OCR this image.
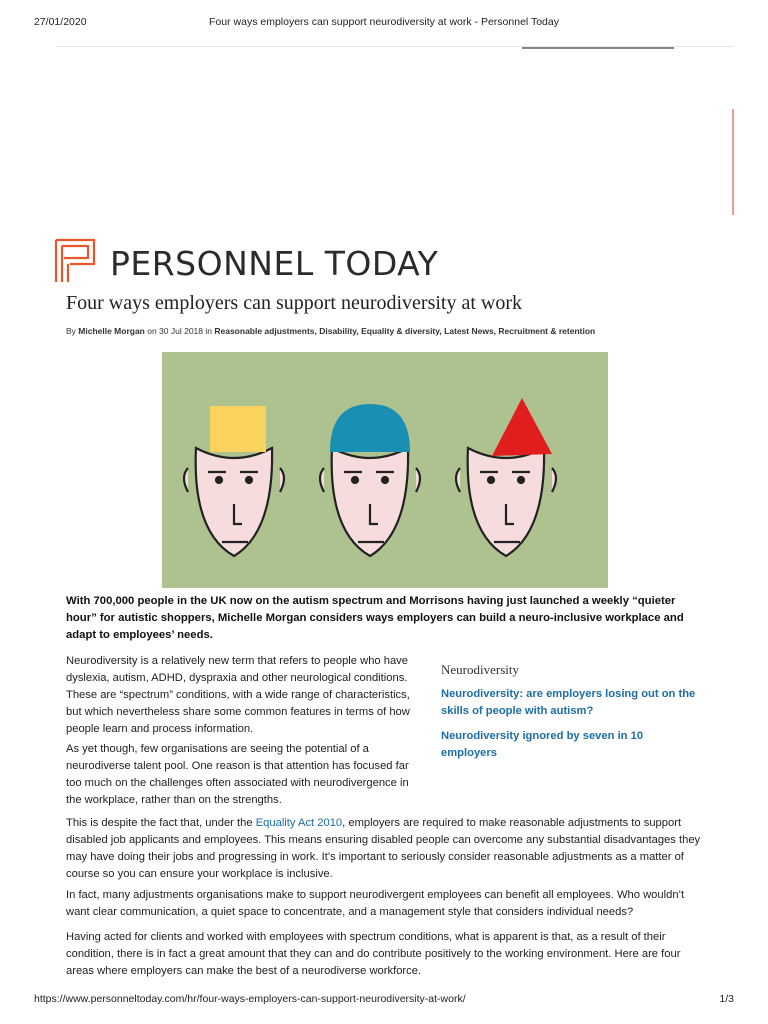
27/01/2020	Four ways employers can support neurodiversity at work - Personnel Today
PERSONNEL TODAY
Four ways employers can support neurodiversity at work
By Michelle Morgan on 30 Jul 2018 in Reasonable adjustments, Disability, Equality & diversity, Latest News, Recruitment & retention

With 700,000 people in the UK now on the autism spectrum and Morrisons having just launched a weekly “quieter hour” for autistic shoppers, Michelle Morgan considers ways employers can build a neuro-inclusive workplace and adapt to employees’ needs.

Neurodiversity is a relatively new term that refers to people who have dyslexia, autism, ADHD, dyspraxia and other neurological conditions. These are “spectrum” conditions, with a wide range of characteristics, but which nevertheless share some common features in terms of how people learn and process information.

As yet though, few organisations are seeing the potential of a neurodiverse talent pool. One reason is that attention has focused far too much on the challenges often associated with neurodivergence in the workplace, rather than on the strengths.

Neurodiversity
Neurodiversity: are employers losing out on the skills of people with autism?
Neurodiversity ignored by seven in 10 employers

This is despite the fact that, under the Equality Act 2010, employers are required to make reasonable adjustments to support disabled job applicants and employees. This means ensuring disabled people can overcome any substantial disadvantages they may have doing their jobs and progressing in work. It’s important to seriously consider reasonable adjustments as a matter of course so you can ensure your workplace is inclusive.

In fact, many adjustments organisations make to support neurodivergent employees can benefit all employees. Who wouldn’t want clear communication, a quiet space to concentrate, and a management style that considers individual needs?

Having acted for clients and worked with employees with spectrum conditions, what is apparent is that, as a result of their condition, there is in fact a great amount that they can and do contribute positively to the working environment. Here are four areas where employers can make the best of a neurodiverse workforce.

https://www.personneltoday.com/hr/four-ways-employers-can-support-neurodiversity-at-work/	1/3
